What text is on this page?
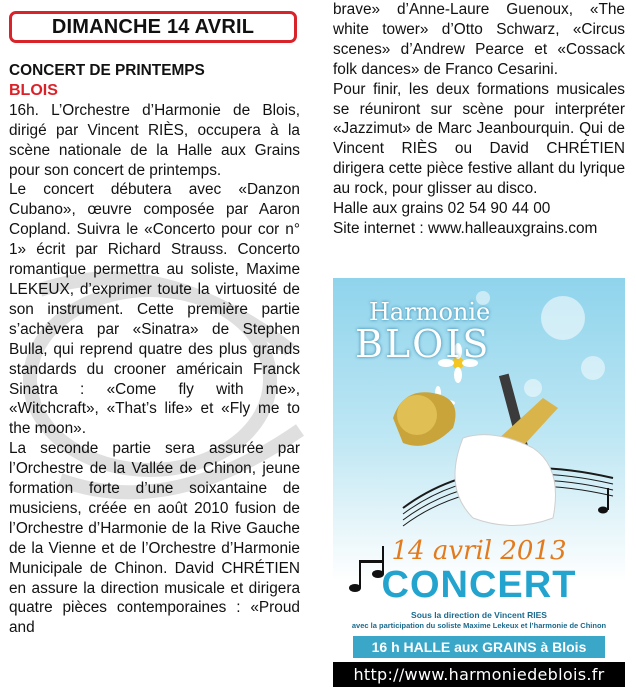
DIMANCHE 14 AVRIL
CONCERT DE PRINTEMPS
BLOIS

16h. L’Orchestre d’Harmonie de Blois, dirigé par Vincent RIÈS, occupera à la scène nationale de la Halle aux Grains pour son concert de printemps.

Le concert débutera avec «Danzon Cubano», œuvre composée par Aaron Copland. Suivra le «Concerto pour cor n° 1» écrit par Richard Strauss. Concerto romantique permettra au soliste, Maxime LEKEUX, d’exprimer toute la virtuosité de son instrument. Cette première partie s’achèvera par «Sinatra» de Stephen Bulla, qui reprend quatre des plus grands standards du crooner américain Franck Sinatra : «Come fly with me», «Witchcraft», «That’s life» et «Fly me to the moon».

La seconde partie sera assurée par l’Orchestre de la Vallée de Chinon, jeune formation forte d’une soixantaine de musiciens, créée en août 2010 fusion de l’Orchestre d’Harmonie de la Rive Gauche de la Vienne et de l’Orchestre d’Harmonie Municipale de Chinon. David CHRÉTIEN en assure la direction musicale et dirigera quatre pièces contemporaines : «Proud and

brave» d’Anne-Laure Guenoux, «The white tower» d’Otto Schwarz, «Circus scenes» d’Andrew Pearce et «Cossack folk dances» de Franco Cesarini.

Pour finir, les deux formations musicales se réuniront sur scène pour interpréter «Jazzimut» de Marc Jeanbourquin. Qui de Vincent RIÈS ou David CHRÉTIEN dirigera cette pièce festive allant du lyrique au rock, pour glisser au disco.

Halle aux grains 02 54 90 44 00

Site internet : www.halleauxgrains.com

Harmonie
BLOIS
14 avril 2013
CONCERT
Sous la direction de Vincent RIES
avec la participation du soliste Maxime Lekeux et l’harmonie de Chinon
16 h HALLE aux GRAINS à Blois
http://www.harmoniedeblois.fr
